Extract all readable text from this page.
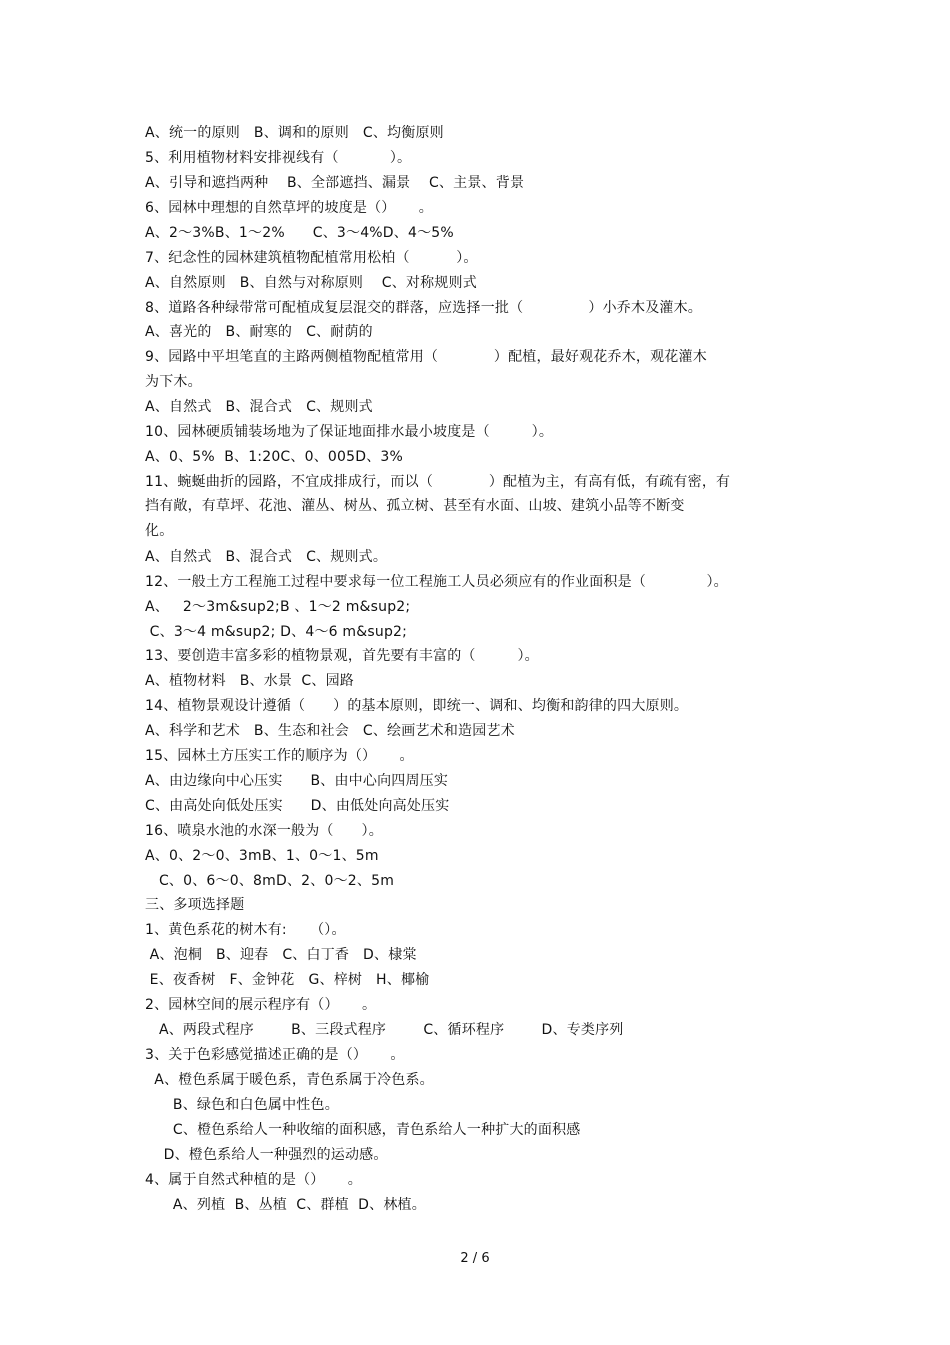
A、统一的原则   B、调和的原则   C、均衡原则
5、利用植物材料安排视线有（           ）。
A、引导和遮挡两种    B、全部遮挡、漏景    C、主景、背景
6、园林中理想的自然草坪的坡度是（）     。
A、2～3%B、1～2%      C、3～4%D、4～5%
7、纪念性的园林建筑植物配植常用松柏（          ）。
A、自然原则   B、自然与对称原则    C、对称规则式
8、道路各种绿带常可配植成复层混交的群落，应选择一批（              ）小乔木及灌木。
A、喜光的   B、耐寒的   C、耐荫的
9、园路中平坦笔直的主路两侧植物配植常用（            ）配植，最好观花乔木，观花灌木
为下木。
A、自然式   B、混合式   C、规则式
10、园林硬质铺装场地为了保证地面排水最小坡度是（         ）。
A、0、5%  B、1:20C、0、005D、3%
11、蜿蜒曲折的园路，不宜成排成行，而以（            ）配植为主，有高有低，有疏有密，有
挡有敞，有草坪、花池、灌丛、树丛、孤立树、甚至有水面、山坡、建筑小品等不断变
化。
A、自然式   B、混合式   C、规则式。
12、一般土方工程施工过程中要求每一位工程施工人员必须应有的作业面积是（             ）。
A、   2～3m&sup2;B 、1～2 m&sup2;
C、3～4 m&sup2; D、4～6 m&sup2;
13、要创造丰富多彩的植物景观，首先要有丰富的（         ）。
A、植物材料   B、水景  C、园路
14、植物景观设计遵循（      ）的基本原则，即统一、调和、均衡和韵律的四大原则。
A、科学和艺术   B、生态和社会   C、绘画艺术和造园艺术
15、园林土方压实工作的顺序为（）     。
A、由边缘向中心压实      B、由中心向四周压实
C、由高处向低处压实      D、由低处向高处压实
16、喷泉水池的水深一般为（      ）。
A、0、2～0、3mB、1、0～1、5m
C、0、6～0、8mD、2、0～2、5m
三、多项选择题
1、黄色系花的树木有:     （）。
A、泡桐   B、迎春   C、白丁香   D、棣棠
E、夜香树   F、金钟花   G、梓树   H、椰榆
2、园林空间的展示程序有（）     。
A、两段式程序        B、三段式程序        C、循环程序        D、专类序列
3、关于色彩感觉描述正确的是（）     。
A、橙色系属于暖色系，青色系属于冷色系。
B、绿色和白色属中性色。
C、橙色系给人一种收缩的面积感，青色系给人一种扩大的面积感
D、橙色系给人一种强烈的运动感。
4、属于自然式种植的是（）     。
A、列植  B、丛植  C、群植  D、林植。
2 / 6
